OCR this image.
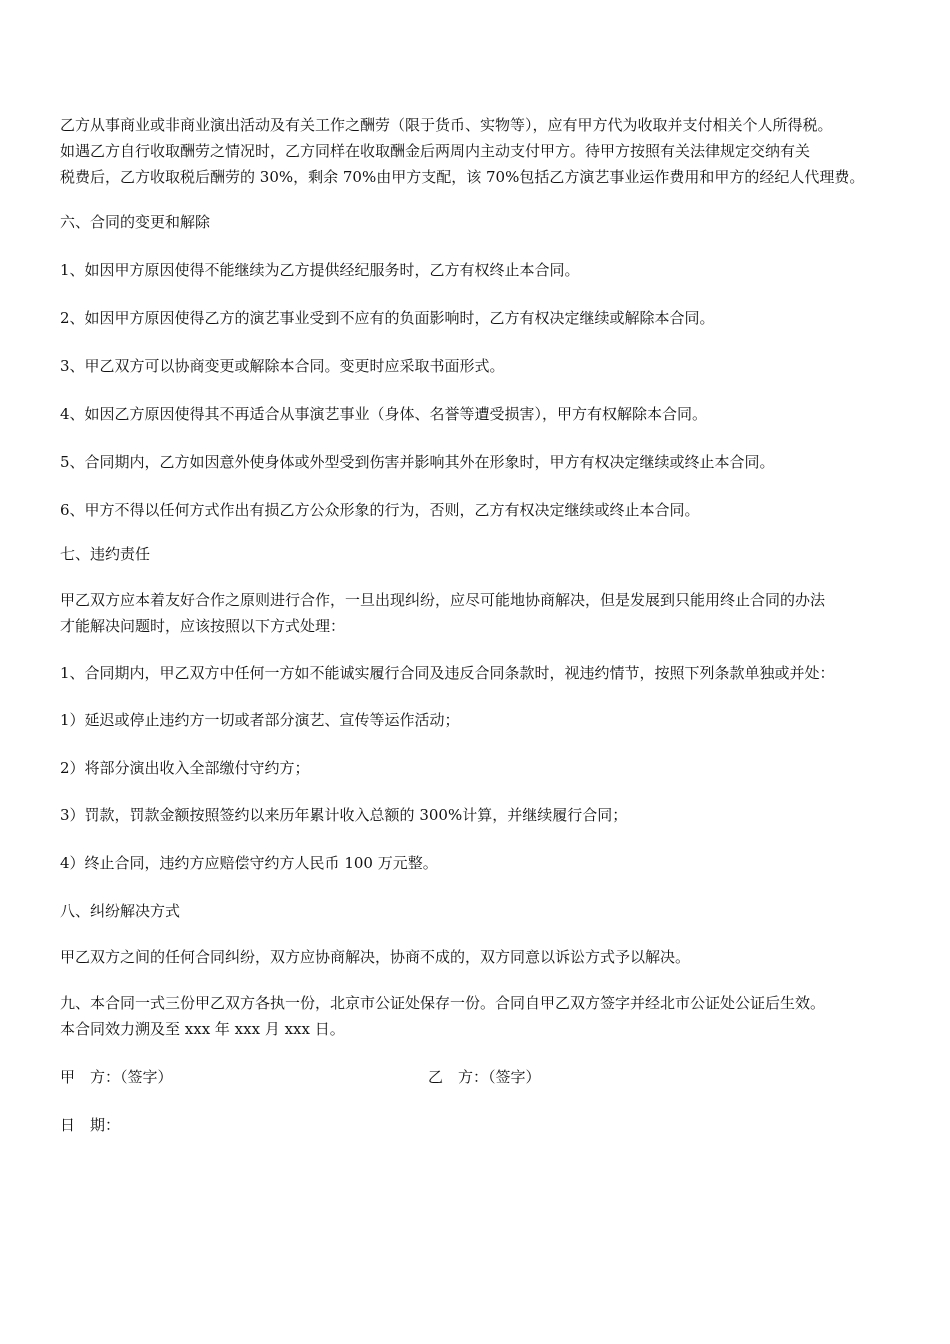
乙方从事商业或非商业演出活动及有关工作之酬劳（限于货币、实物等），应有甲方代为收取并支付相关个人所得税。
如遇乙方自行收取酬劳之情况时，乙方同样在收取酬金后两周内主动支付甲方。待甲方按照有关法律规定交纳有关
税费后，乙方收取税后酬劳的 30%，剩余 70%由甲方支配，该 70%包括乙方演艺事业运作费用和甲方的经纪人代理费。
六、合同的变更和解除
1、如因甲方原因使得不能继续为乙方提供经纪服务时，乙方有权终止本合同。
2、如因甲方原因使得乙方的演艺事业受到不应有的负面影响时，乙方有权决定继续或解除本合同。
3、甲乙双方可以协商变更或解除本合同。变更时应采取书面形式。
4、如因乙方原因使得其不再适合从事演艺事业（身体、名誉等遭受损害），甲方有权解除本合同。
5、合同期内，乙方如因意外使身体或外型受到伤害并影响其外在形象时，甲方有权决定继续或终止本合同。
6、甲方不得以任何方式作出有损乙方公众形象的行为，否则，乙方有权决定继续或终止本合同。
七、违约责任
甲乙双方应本着友好合作之原则进行合作，一旦出现纠纷，应尽可能地协商解决，但是发展到只能用终止合同的办法
才能解决问题时，应该按照以下方式处理：
1、合同期内，甲乙双方中任何一方如不能诚实履行合同及违反合同条款时，视违约情节，按照下列条款单独或并处：
1）延迟或停止违约方一切或者部分演艺、宣传等运作活动；
2）将部分演出收入全部缴付守约方；
3）罚款，罚款金额按照签约以来历年累计收入总额的 300%计算，并继续履行合同；
4）终止合同，违约方应赔偿守约方人民币 100 万元整。
八、纠纷解决方式
甲乙双方之间的任何合同纠纷，双方应协商解决，协商不成的，双方同意以诉讼方式予以解决。
九、本合同一式三份甲乙双方各执一份，北京市公证处保存一份。合同自甲乙双方签字并经北市公证处公证后生效。
本合同效力溯及至 xxx 年 xxx 月 xxx 日。
甲　方：（签字）	乙　方：（签字）
日　期：
